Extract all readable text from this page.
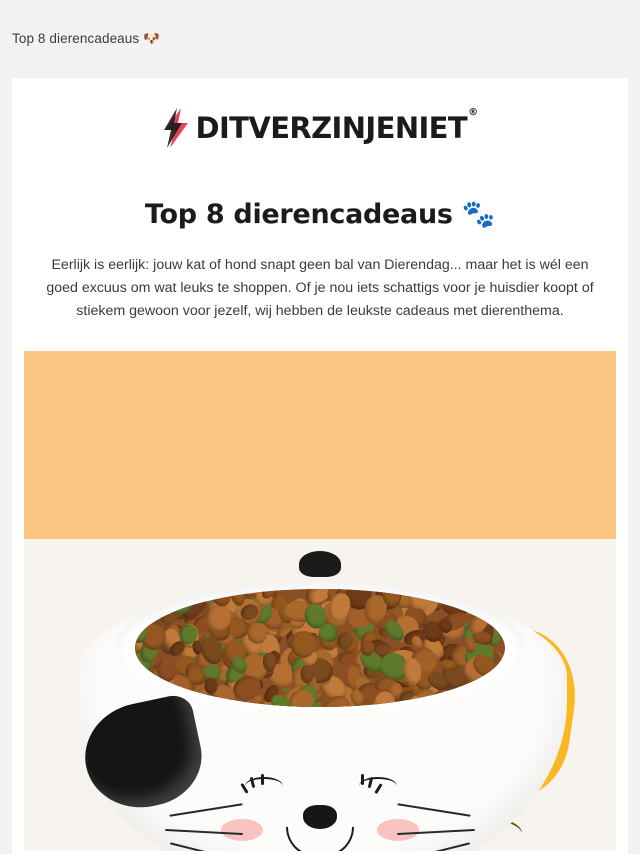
Top 8 dierencadeaus 🐶
DITVERZINJENIET®
Top 8 dierencadeaus 🐾

Eerlijk is eerlijk: jouw kat of hond snapt geen bal van Dierendag... maar het is wél een goed excuus om wat leuks te shoppen. Of je nou iets schattigs voor je huisdier koopt of stiekem gewoon voor jezelf, wij hebben de leukste cadeaus met dierenthema.
